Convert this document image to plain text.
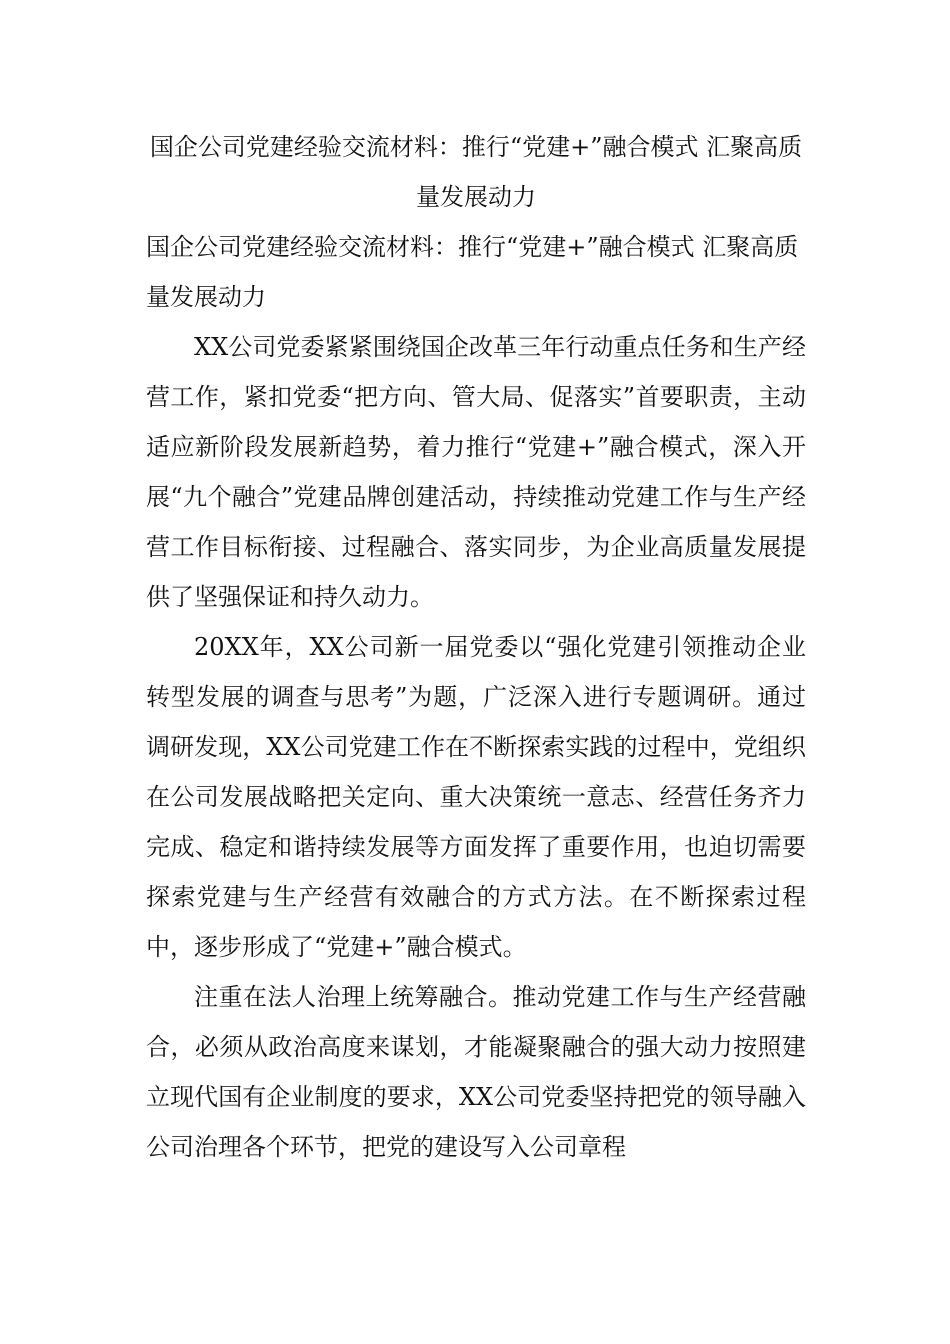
国企公司党建经验交流材料：推行“党建+”融合模式 汇聚高质量发展动力
国企公司党建经验交流材料：推行“党建+”融合模式 汇聚高质量发展动力

XX公司党委紧紧围绕国企改革三年行动重点任务和生产经营工作，紧扣党委“把方向、管大局、促落实”首要职责，主动适应新阶段发展新趋势，着力推行“党建+”融合模式，深入开展“九个融合”党建品牌创建活动，持续推动党建工作与生产经营工作目标衔接、过程融合、落实同步，为企业高质量发展提供了坚强保证和持久动力。

20XX年，XX公司新一届党委以“强化党建引领推动企业转型发展的调查与思考”为题，广泛深入进行专题调研。通过调研发现，XX公司党建工作在不断探索实践的过程中，党组织在公司发展战略把关定向、重大决策统一意志、经营任务齐力完成、稳定和谐持续发展等方面发挥了重要作用，也迫切需要探索党建与生产经营有效融合的方式方法。在不断探索过程中，逐步形成了“党建+”融合模式。

注重在法人治理上统筹融合。推动党建工作与生产经营融合，必须从政治高度来谋划，才能凝聚融合的强大动力按照建立现代国有企业制度的要求，XX公司党委坚持把党的领导融入公司治理各个环节，把党的建设写入公司章程
